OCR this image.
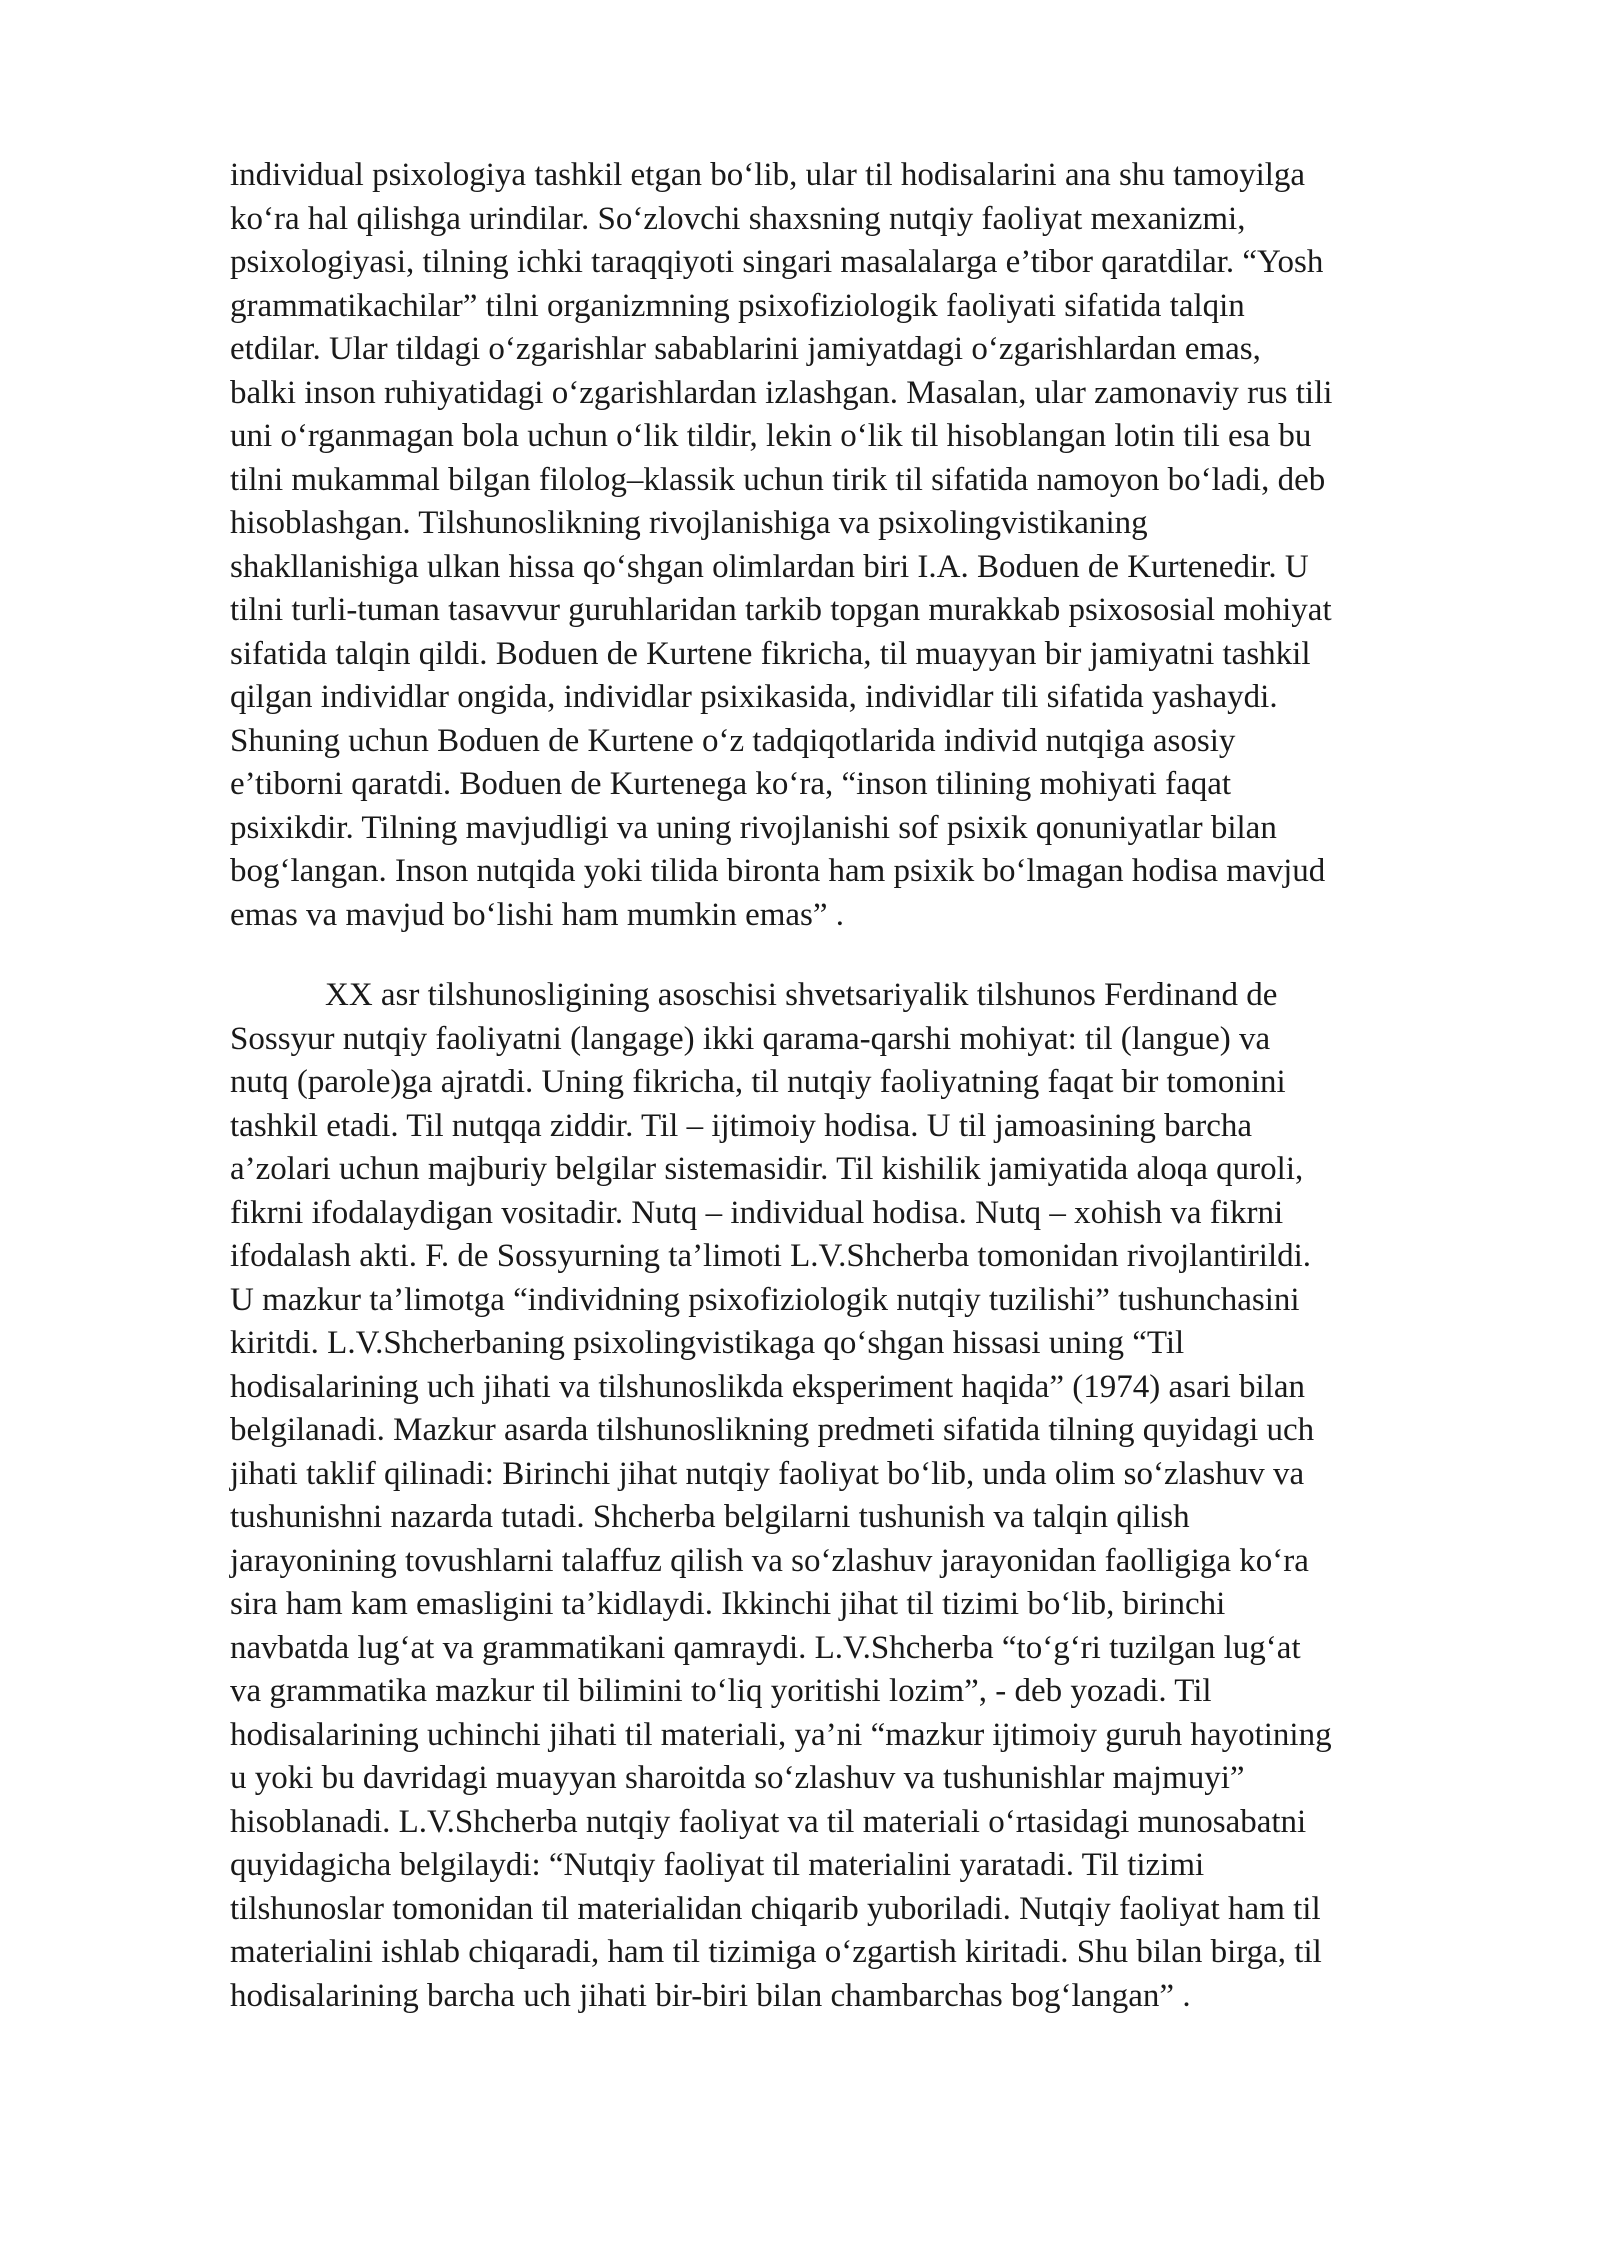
individual psixologiya tashkil etgan bo‘lib, ular til hodisalarini ana shu tamoyilga
ko‘ra hal qilishga urindilar. So‘zlovchi shaxsning nutqiy faoliyat mexanizmi,
psixologiyasi, tilning ichki taraqqiyoti singari masalalarga e’tibor qaratdilar. “Yosh
grammatikachilar” tilni organizmning psixofiziologik faoliyati sifatida talqin
etdilar. Ular tildagi o‘zgarishlar sabablarini jamiyatdagi o‘zgarishlardan emas,
balki inson ruhiyatidagi o‘zgarishlardan izlashgan. Masalan, ular zamonaviy rus tili
uni o‘rganmagan bola uchun o‘lik tildir, lekin o‘lik til hisoblangan lotin tili esa bu
tilni mukammal bilgan filolog–klassik uchun tirik til sifatida namoyon bo‘ladi, deb
hisoblashgan. Tilshunoslikning rivojlanishiga va psixolingvistikaning
shakllanishiga ulkan hissa qo‘shgan olimlardan biri I.A. Boduen de Kurtenedir. U
tilni turli-tuman tasavvur guruhlaridan tarkib topgan murakkab psixososial mohiyat
sifatida talqin qildi. Boduen de Kurtene fikricha, til muayyan bir jamiyatni tashkil
qilgan individlar ongida, individlar psixikasida, individlar tili sifatida yashaydi.
Shuning uchun Boduen de Kurtene o‘z tadqiqotlarida individ nutqiga asosiy
e’tiborni qaratdi. Boduen de Kurtenega ko‘ra, “inson tilining mohiyati faqat
psixikdir. Tilning mavjudligi va uning rivojlanishi sof psixik qonuniyatlar bilan
bog‘langan. Inson nutqida yoki tilida bironta ham psixik bo‘lmagan hodisa mavjud
emas va mavjud bo‘lishi ham mumkin emas” .
XX asr tilshunosligining asoschisi shvetsariyalik tilshunos Ferdinand de
Sossyur nutqiy faoliyatni (langage) ikki qarama-qarshi mohiyat: til (langue) va
nutq (parole)ga ajratdi. Uning fikricha, til nutqiy faoliyatning faqat bir tomonini
tashkil etadi. Til nutqqa ziddir. Til – ijtimoiy hodisa. U til jamoasining barcha
a’zolari uchun majburiy belgilar sistemasidir. Til kishilik jamiyatida aloqa quroli,
fikrni ifodalaydigan vositadir. Nutq – individual hodisa. Nutq – xohish va fikrni
ifodalash akti. F. de Sossyurning ta’limoti L.V.Shcherba tomonidan rivojlantirildi.
U mazkur ta’limotga “individning psixofiziologik nutqiy tuzilishi” tushunchasini
kiritdi. L.V.Shcherbaning psixolingvistikaga qo‘shgan hissasi uning “Til
hodisalarining uch jihati va tilshunoslikda eksperiment haqida” (1974) asari bilan
belgilanadi. Mazkur asarda tilshunoslikning predmeti sifatida tilning quyidagi uch
jihati taklif qilinadi: Birinchi jihat nutqiy faoliyat bo‘lib, unda olim so‘zlashuv va
tushunishni nazarda tutadi. Shcherba belgilarni tushunish va talqin qilish
jarayonining tovushlarni talaffuz qilish va so‘zlashuv jarayonidan faolligiga ko‘ra
sira ham kam emasligini ta’kidlaydi. Ikkinchi jihat til tizimi bo‘lib, birinchi
navbatda lug‘at va grammatikani qamraydi. L.V.Shcherba “to‘g‘ri tuzilgan lug‘at
va grammatika mazkur til bilimini to‘liq yoritishi lozim”, - deb yozadi. Til
hodisalarining uchinchi jihati til materiali, ya’ni “mazkur ijtimoiy guruh hayotining
u yoki bu davridagi muayyan sharoitda so‘zlashuv va tushunishlar majmuyi”
hisoblanadi. L.V.Shcherba nutqiy faoliyat va til materiali o‘rtasidagi munosabatni
quyidagicha belgilaydi: “Nutqiy faoliyat til materialini yaratadi. Til tizimi
tilshunoslar tomonidan til materialidan chiqarib yuboriladi. Nutqiy faoliyat ham til
materialini ishlab chiqaradi, ham til tizimiga o‘zgartish kiritadi. Shu bilan birga, til
hodisalarining barcha uch jihati bir-biri bilan chambarchas bog‘langan” .
